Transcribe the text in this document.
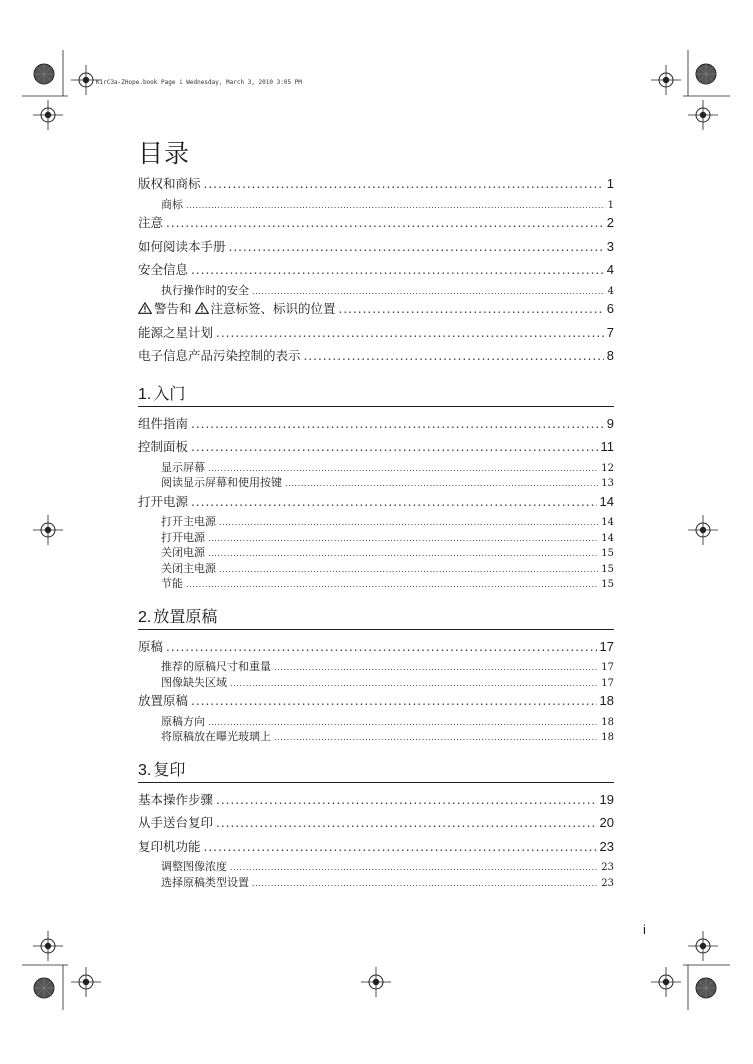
K1rC3a-ZHope.book Page i Wednesday, March 3, 2010 3:05 PM
目录
版权和商标 .....	1
商标 .....	1
注意 .....	2
如何阅读本手册 .....	3
安全信息 .....	4
执行操作时的安全 .....	4
警告和 注意标签、标识的位置 .....	6
能源之星计划 .....	7
电子信息产品污染控制的表示 .....	8
1. 入门
组件指南 .....	9
控制面板 .....	11
显示屏幕 .....	12
阅读显示屏幕和使用按键 .....	13
打开电源 .....	14
打开主电源 .....	14
打开电源 .....	14
关闭电源 .....	15
关闭主电源 .....	15
节能 .....	15
2. 放置原稿
原稿 .....	17
推荐的原稿尺寸和重量 .....	17
图像缺失区域 .....	17
放置原稿 .....	18
原稿方向 .....	18
将原稿放在曝光玻璃上 .....	18
3. 复印
基本操作步骤 .....	19
从手送台复印 .....	20
复印机功能 .....	23
调整图像浓度 .....	23
选择原稿类型设置 .....	23
i
